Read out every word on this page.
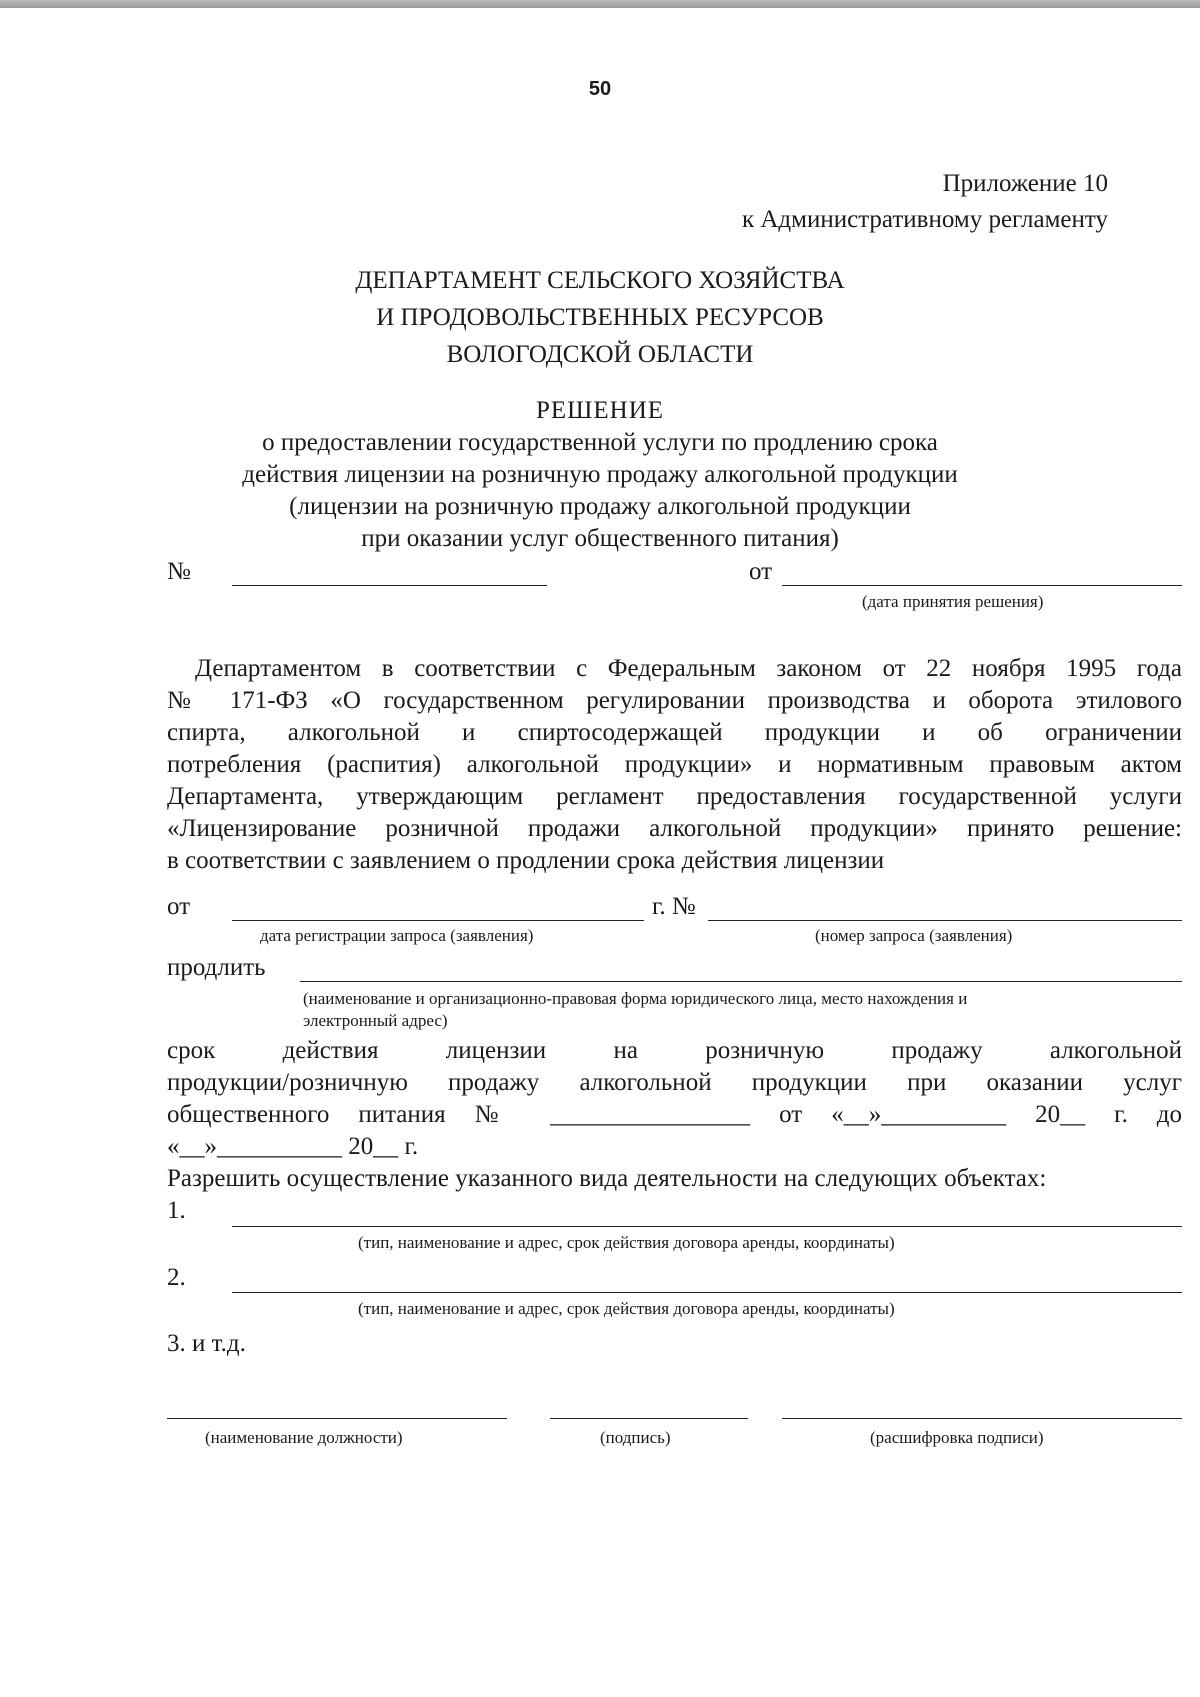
50
Приложение 10
к Административному регламенту
ДЕПАРТАМЕНТ СЕЛЬСКОГО ХОЗЯЙСТВА
И ПРОДОВОЛЬСТВЕННЫХ РЕСУРСОВ
ВОЛОГОДСКОЙ ОБЛАСТИ
РЕШЕНИЕ
о предоставлении государственной услуги по продлению срока
действия лицензии на розничную продажу алкогольной продукции
(лицензии на розничную продажу алкогольной продукции
при оказании услуг общественного питания)
№	от
(дата принятия решения)
Департаментом в соответствии с Федеральным законом от 22 ноября 1995 года
№ 171-ФЗ «О государственном регулировании производства и оборота этилового
спирта, алкогольной и спиртосодержащей продукции и об ограничении
потребления (распития) алкогольной продукции» и нормативным правовым актом
Департамента, утверждающим регламент предоставления государственной услуги
«Лицензирование розничной продажи алкогольной продукции» принято решение:
в соответствии с заявлением о продлении срока действия лицензии
от	г. №
дата регистрации запроса (заявления)	(номер запроса (заявления)
продлить
(наименование и организационно-правовая форма юридического лица, место нахождения и
электронный адрес)
срок действия лицензии на розничную продажу алкогольной
продукции/розничную продажу алкогольной продукции при оказании услуг
общественного питания № ________________ от «__»__________ 20__ г. до
«__»__________ 20__ г.
Разрешить осуществление указанного вида деятельности на следующих объектах:
1.
(тип, наименование и адрес, срок действия договора аренды, координаты)
2.
(тип, наименование и адрес, срок действия договора аренды, координаты)
3. и т.д.
(наименование должности)	(подпись)	(расшифровка подписи)
